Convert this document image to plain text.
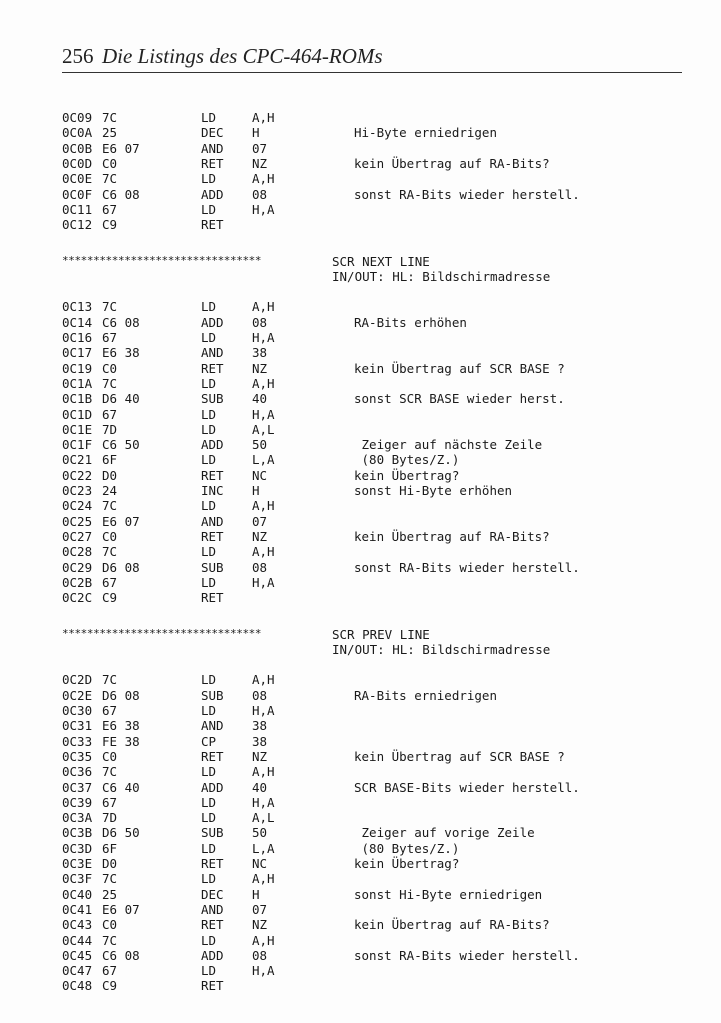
256 Die Listings des CPC-464-ROMs
0C09 7C	LD	A,H
0C0A 25	DEC H	Hi-Byte erniedrigen
0C0B E6 07	AND 07
0C0D C0	RET NZ	kein Übertrag auf RA-Bits?
0C0E 7C	LD	A,H
0C0F C6 08	ADD 08	sonst RA-Bits wieder herstell.
0C11 67	LD	H,A
0C12 C9	RET
********************************	SCR NEXT LINE
IN/OUT: HL: Bildschirmadresse
0C13 7C	LD	A,H
0C14 C6 08	ADD 08	RA-Bits erhöhen
0C16 67	LD	H,A
0C17 E6 38	AND 38
0C19 C0	RET NZ	kein Übertrag auf SCR BASE ?
0C1A 7C	LD	A,H
0C1B D6 40	SUB 40	sonst SCR BASE wieder herst.
0C1D 67	LD	H,A
0C1E 7D	LD	A,L
0C1F C6 50	ADD 50	Zeiger auf nächste Zeile
0C21 6F	LD	L,A	(80 Bytes/Z.)
0C22 D0	RET NC	kein Übertrag?
0C23 24	INC H	sonst Hi-Byte erhöhen
0C24 7C	LD	A,H
0C25 E6 07	AND 07
0C27 C0	RET NZ	kein Übertrag auf RA-Bits?
0C28 7C	LD	A,H
0C29 D6 08	SUB 08	sonst RA-Bits wieder herstell.
0C2B 67	LD	H,A
0C2C C9	RET
********************************	SCR PREV LINE
IN/OUT: HL: Bildschirmadresse
0C2D 7C	LD	A,H
0C2E D6 08	SUB 08	RA-Bits erniedrigen
0C30 67	LD	H,A
0C31 E6 38	AND 38
0C33 FE 38	CP	38
0C35 C0	RET NZ	kein Übertrag auf SCR BASE ?
0C36 7C	LD	A,H
0C37 C6 40	ADD 40	SCR BASE-Bits wieder herstell.
0C39 67	LD	H,A
0C3A 7D	LD	A,L
0C3B D6 50	SUB 50	Zeiger auf vorige Zeile
0C3D 6F	LD	L,A	(80 Bytes/Z.)
0C3E D0	RET NC	kein Übertrag?
0C3F 7C	LD	A,H
0C40 25	DEC H	sonst Hi-Byte erniedrigen
0C41 E6 07	AND 07
0C43 C0	RET NZ	kein Übertrag auf RA-Bits?
0C44 7C	LD	A,H
0C45 C6 08	ADD 08	sonst RA-Bits wieder herstell.
0C47 67	LD	H,A
0C48 C9	RET
